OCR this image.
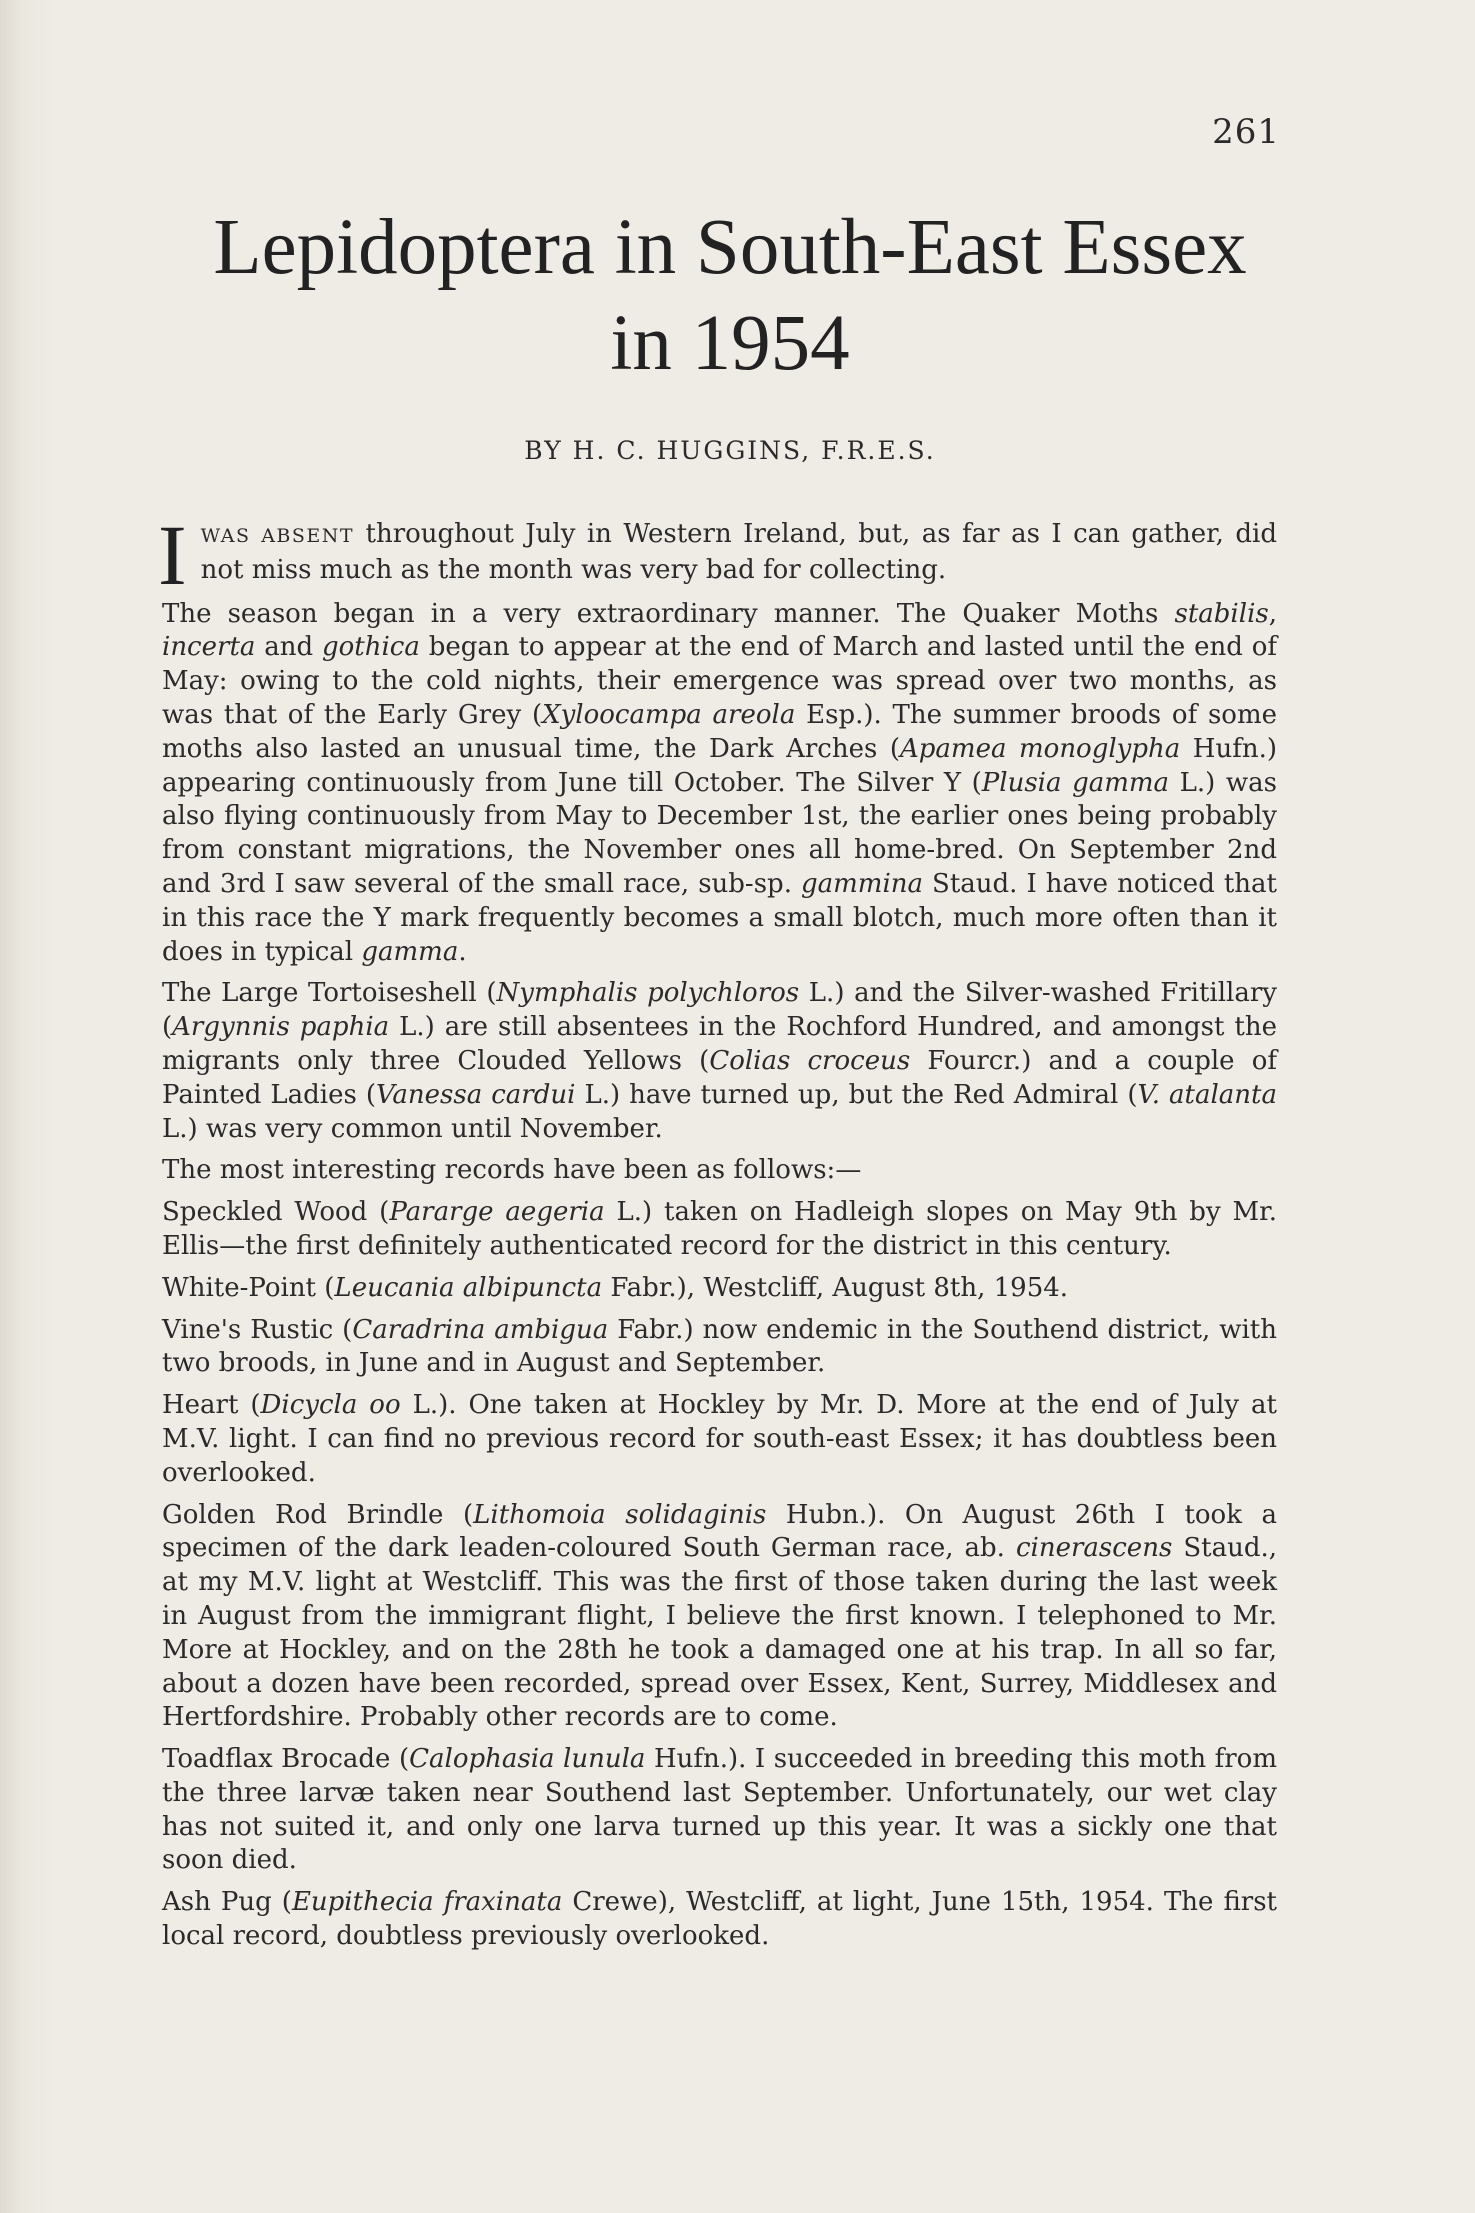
261
Lepidoptera in South-East Essex
in 1954
BY H. C. HUGGINS, F.R.E.S.

IWAS ABSENT throughout July in Western Ireland, but, as far as I can gather, did not miss much as the month was very bad for collecting.

The season began in a very extraordinary manner. The Quaker Moths stabilis, incerta and gothica began to appear at the end of March and lasted until the end of May: owing to the cold nights, their emergence was spread over two months, as was that of the Early Grey (Xyloocampa areola Esp.). The summer broods of some moths also lasted an unusual time, the Dark Arches (Apamea monoglypha Hufn.) appearing continuously from June till October. The Silver Y (Plusia gamma L.) was also flying continuously from May to December 1st, the earlier ones being probably from constant migrations, the November ones all home-bred. On September 2nd and 3rd I saw several of the small race, sub-sp. gammina Staud. I have noticed that in this race the Y mark frequently becomes a small blotch, much more often than it does in typical gamma.

The Large Tortoiseshell (Nymphalis polychloros L.) and the Silver-washed Fritillary (Argynnis paphia L.) are still absentees in the Rochford Hundred, and amongst the migrants only three Clouded Yellows (Colias croceus Fourcr.) and a couple of Painted Ladies (Vanessa cardui L.) have turned up, but the Red Admiral (V. atalanta L.) was very common until November.

The most interesting records have been as follows:—

Speckled Wood (Pararge aegeria L.) taken on Hadleigh slopes on May 9th by Mr. Ellis—the first definitely authenticated record for the district in this century.

White-Point (Leucania albipuncta Fabr.), Westcliff, August 8th, 1954.

Vine's Rustic (Caradrina ambigua Fabr.) now endemic in the Southend district, with two broods, in June and in August and September.

Heart (Dicycla oo L.). One taken at Hockley by Mr. D. More at the end of July at M.V. light. I can find no previous record for south-east Essex; it has doubtless been overlooked.

Golden Rod Brindle (Lithomoia solidaginis Hubn.). On August 26th I took a specimen of the dark leaden-coloured South German race, ab. cinerascens Staud., at my M.V. light at Westcliff. This was the first of those taken during the last week in August from the immigrant flight, I believe the first known. I telephoned to Mr. More at Hockley, and on the 28th he took a damaged one at his trap. In all so far, about a dozen have been recorded, spread over Essex, Kent, Surrey, Middlesex and Hertfordshire. Probably other records are to come.

Toadflax Brocade (Calophasia lunula Hufn.). I succeeded in breeding this moth from the three larvæ taken near Southend last September. Unfortunately, our wet clay has not suited it, and only one larva turned up this year. It was a sickly one that soon died.

Ash Pug (Eupithecia fraxinata Crewe), Westcliff, at light, June 15th, 1954. The first local record, doubtless previously overlooked.
